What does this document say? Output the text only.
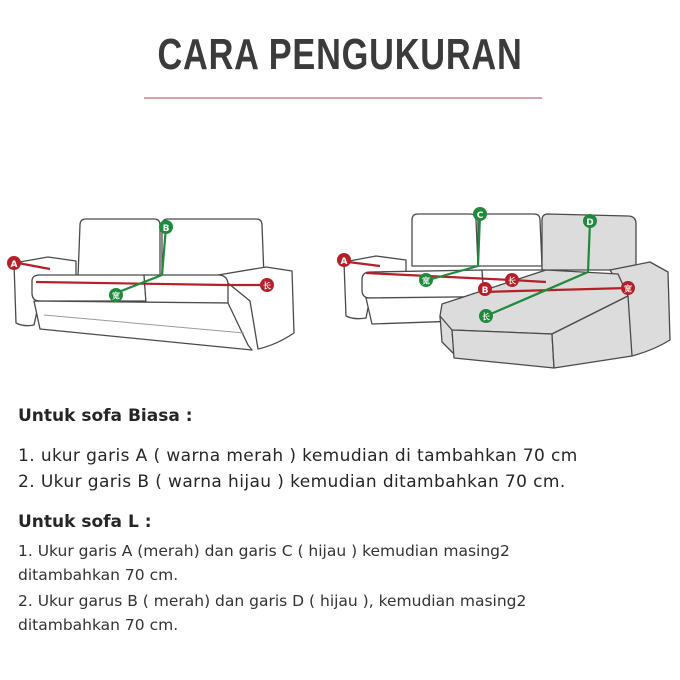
CARA PENGUKURAN
A
B
宽
长
A
C
D
B
宽	长
长
宽
Untuk sofa Biasa :
1. ukur garis A ( warna merah ) kemudian di tambahkan 70 cm
2. Ukur garis B ( warna hijau ) kemudian ditambahkan 70 cm.
Untuk sofa L :
1. Ukur garis A (merah) dan garis C ( hijau ) kemudian masing2
ditambahkan 70 cm.
2. Ukur garus B ( merah) dan garis D ( hijau ), kemudian masing2
ditambahkan 70 cm.
